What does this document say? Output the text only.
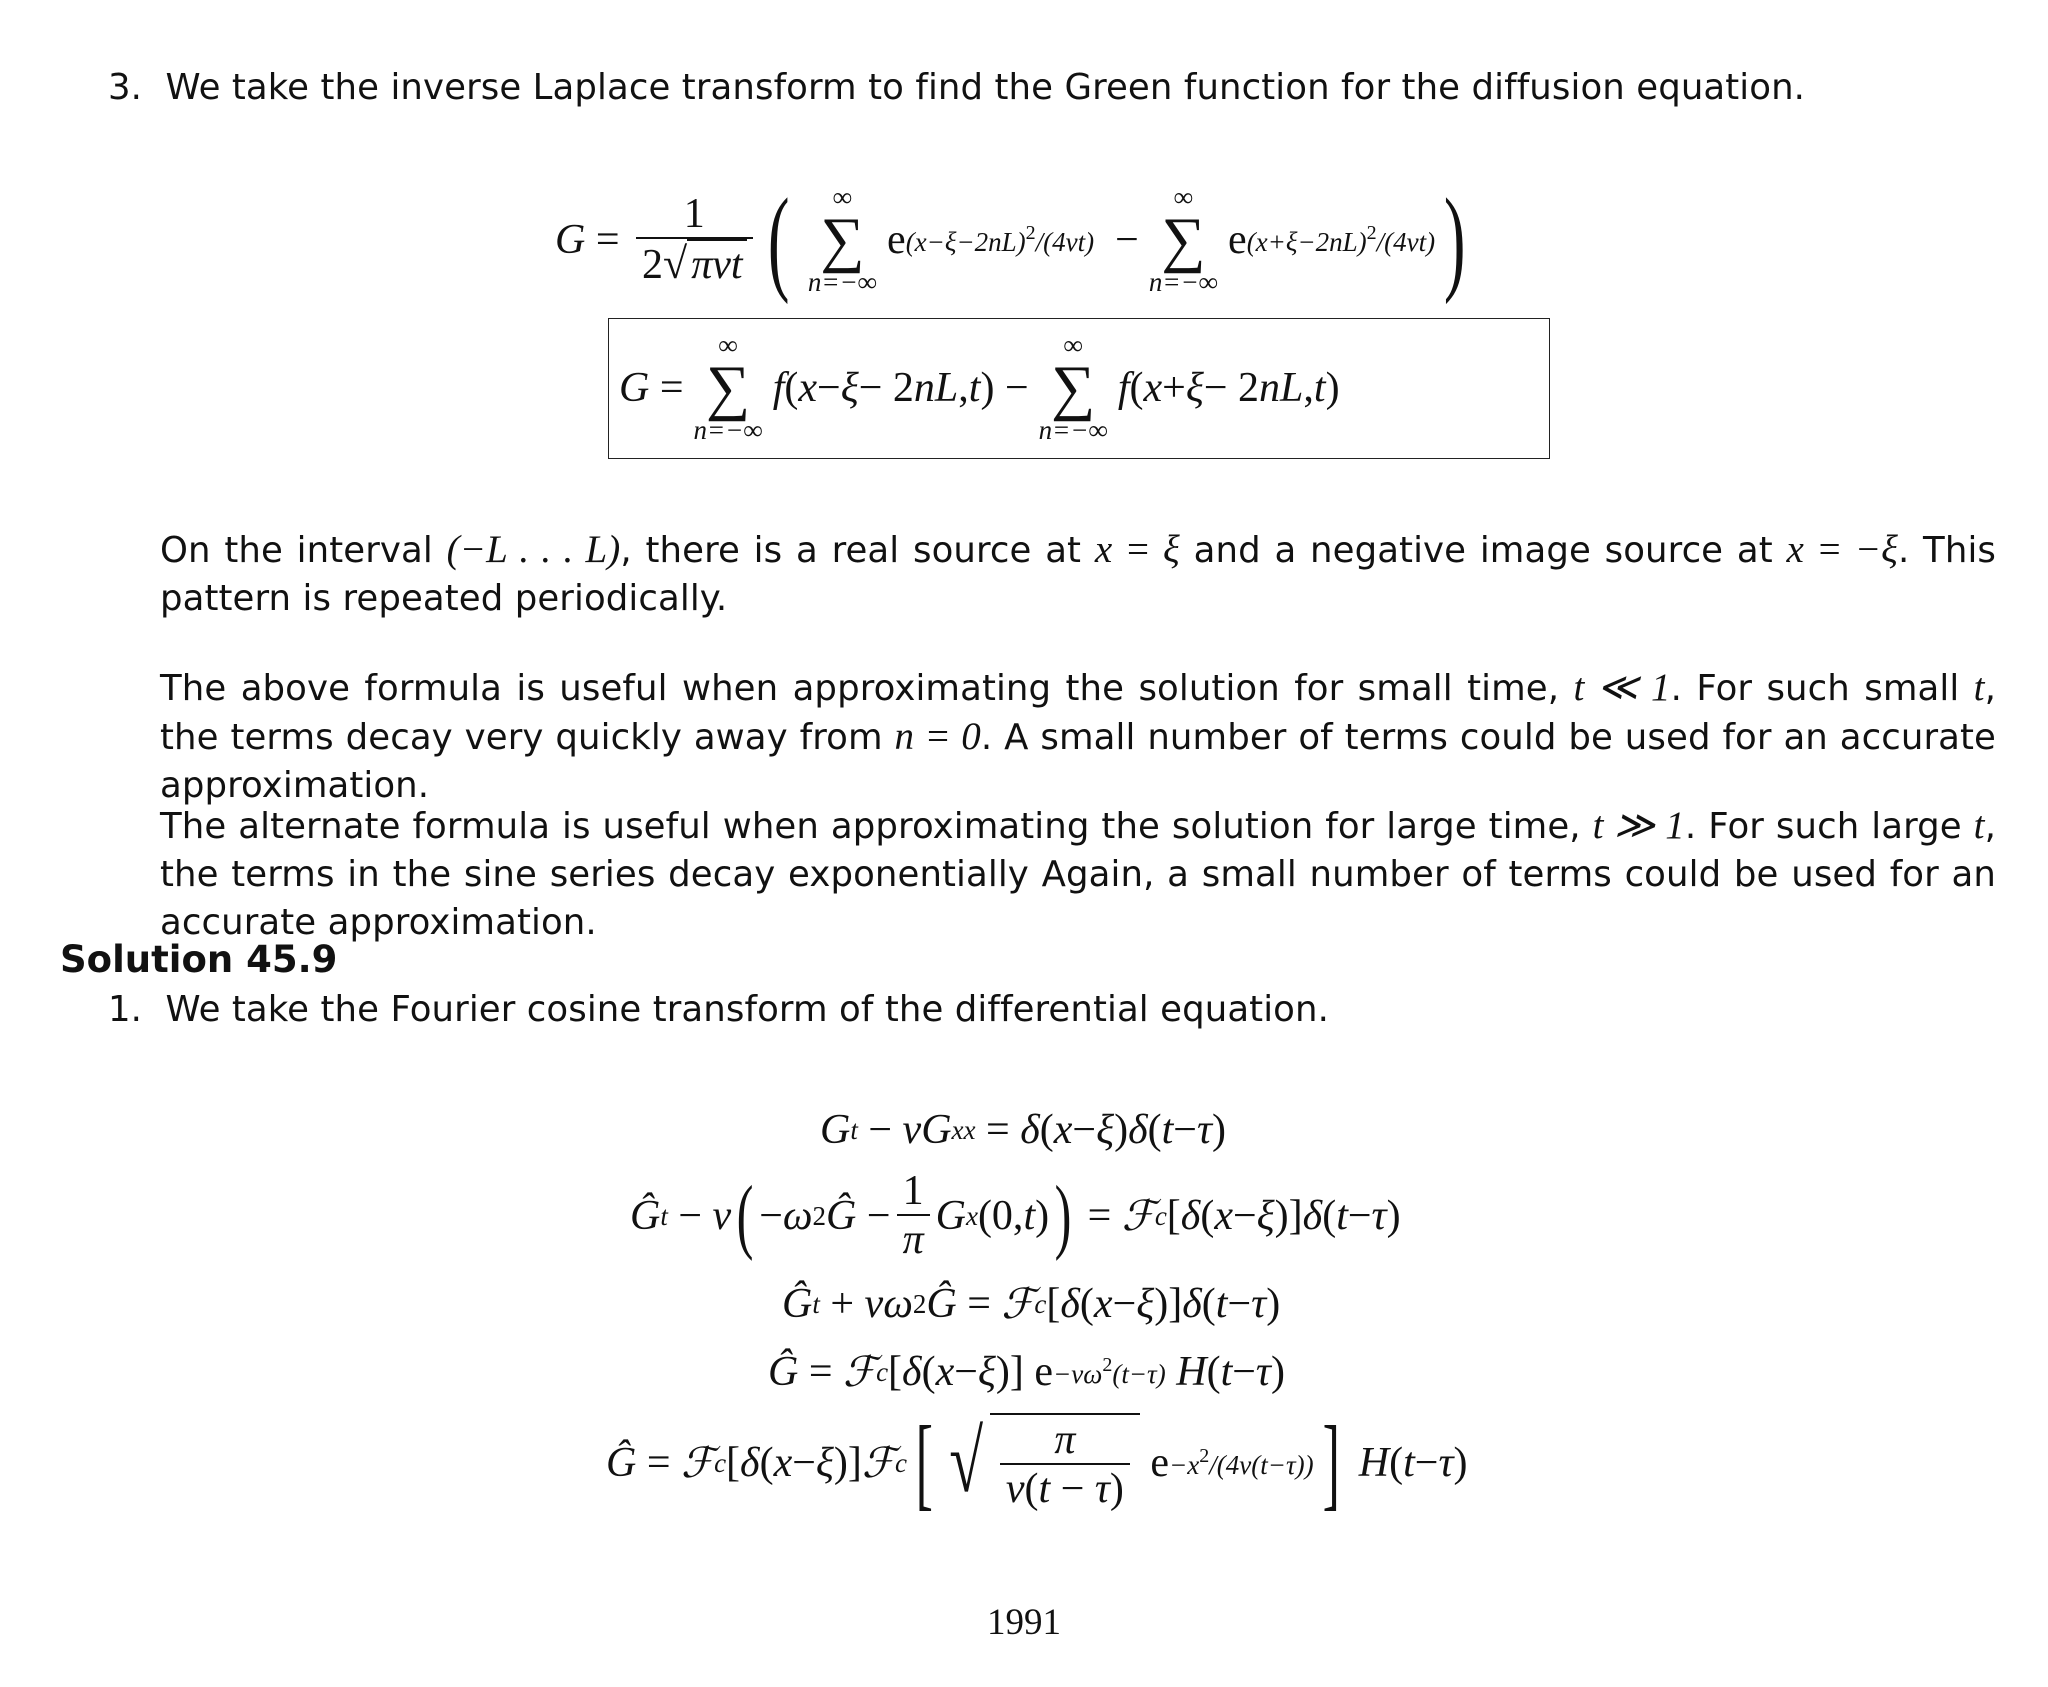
3. We take the inverse Laplace transform to find the Green function for the diffusion equation.
$G = \frac{1}{\text{2 √ πνt}}$ ( ∞
∑
n=−∞
e $(x-\xi-2nL)^2/(4\nu t)$ −
∞
∑
n=−∞
e $(x+\xi-2nL)^2/(4\nu t)$ )
G =
∞
∑
n=−∞
f ( x − ξ − 2 nL , t ) −
∞
∑
n=−∞
f ( x + ξ − 2 nL , t )
On the interval (−L . . . L), there is a real source at x = ξ and a negative image source at x = −ξ. This pattern is repeated periodically.
The above formula is useful when approximating the solution for small time, t ≪ 1. For such small t, the terms decay very quickly away from n = 0. A small number of terms could be used for an accurate approximation.
The alternate formula is useful when approximating the solution for large time, t ≫ 1. For such large t, the terms in the sine series decay exponentially Again, a small number of terms could be used for an accurate approximation.
Solution 45.9
1. We take the Fourier cosine transform of the differential equation.
G t − νG xx = δ ( x − ξ ) δ ( t − τ )
Ĝ t − ν ( − ω 2 Ĝ − $\frac{1}{\pi}$ G x (0, t ) ) = ℱ c [ δ ( x − ξ )] δ ( t − τ )
Ĝ t + νω 2 Ĝ = ℱ c [ δ ( x − ξ )] δ ( t − τ )
Ĝ = ℱ c [ δ ( x − ξ )] $e -\nu\omega^2(t-\tau)$
H ( t − τ )
Ĝ = ℱ c [ δ ( x − ξ )] ℱ c [ √ $\frac{\pi}{\nu(t - \tau)}$
$e -x^2/(4\nu(t-\tau))$ ]
H ( t − τ )
1991
